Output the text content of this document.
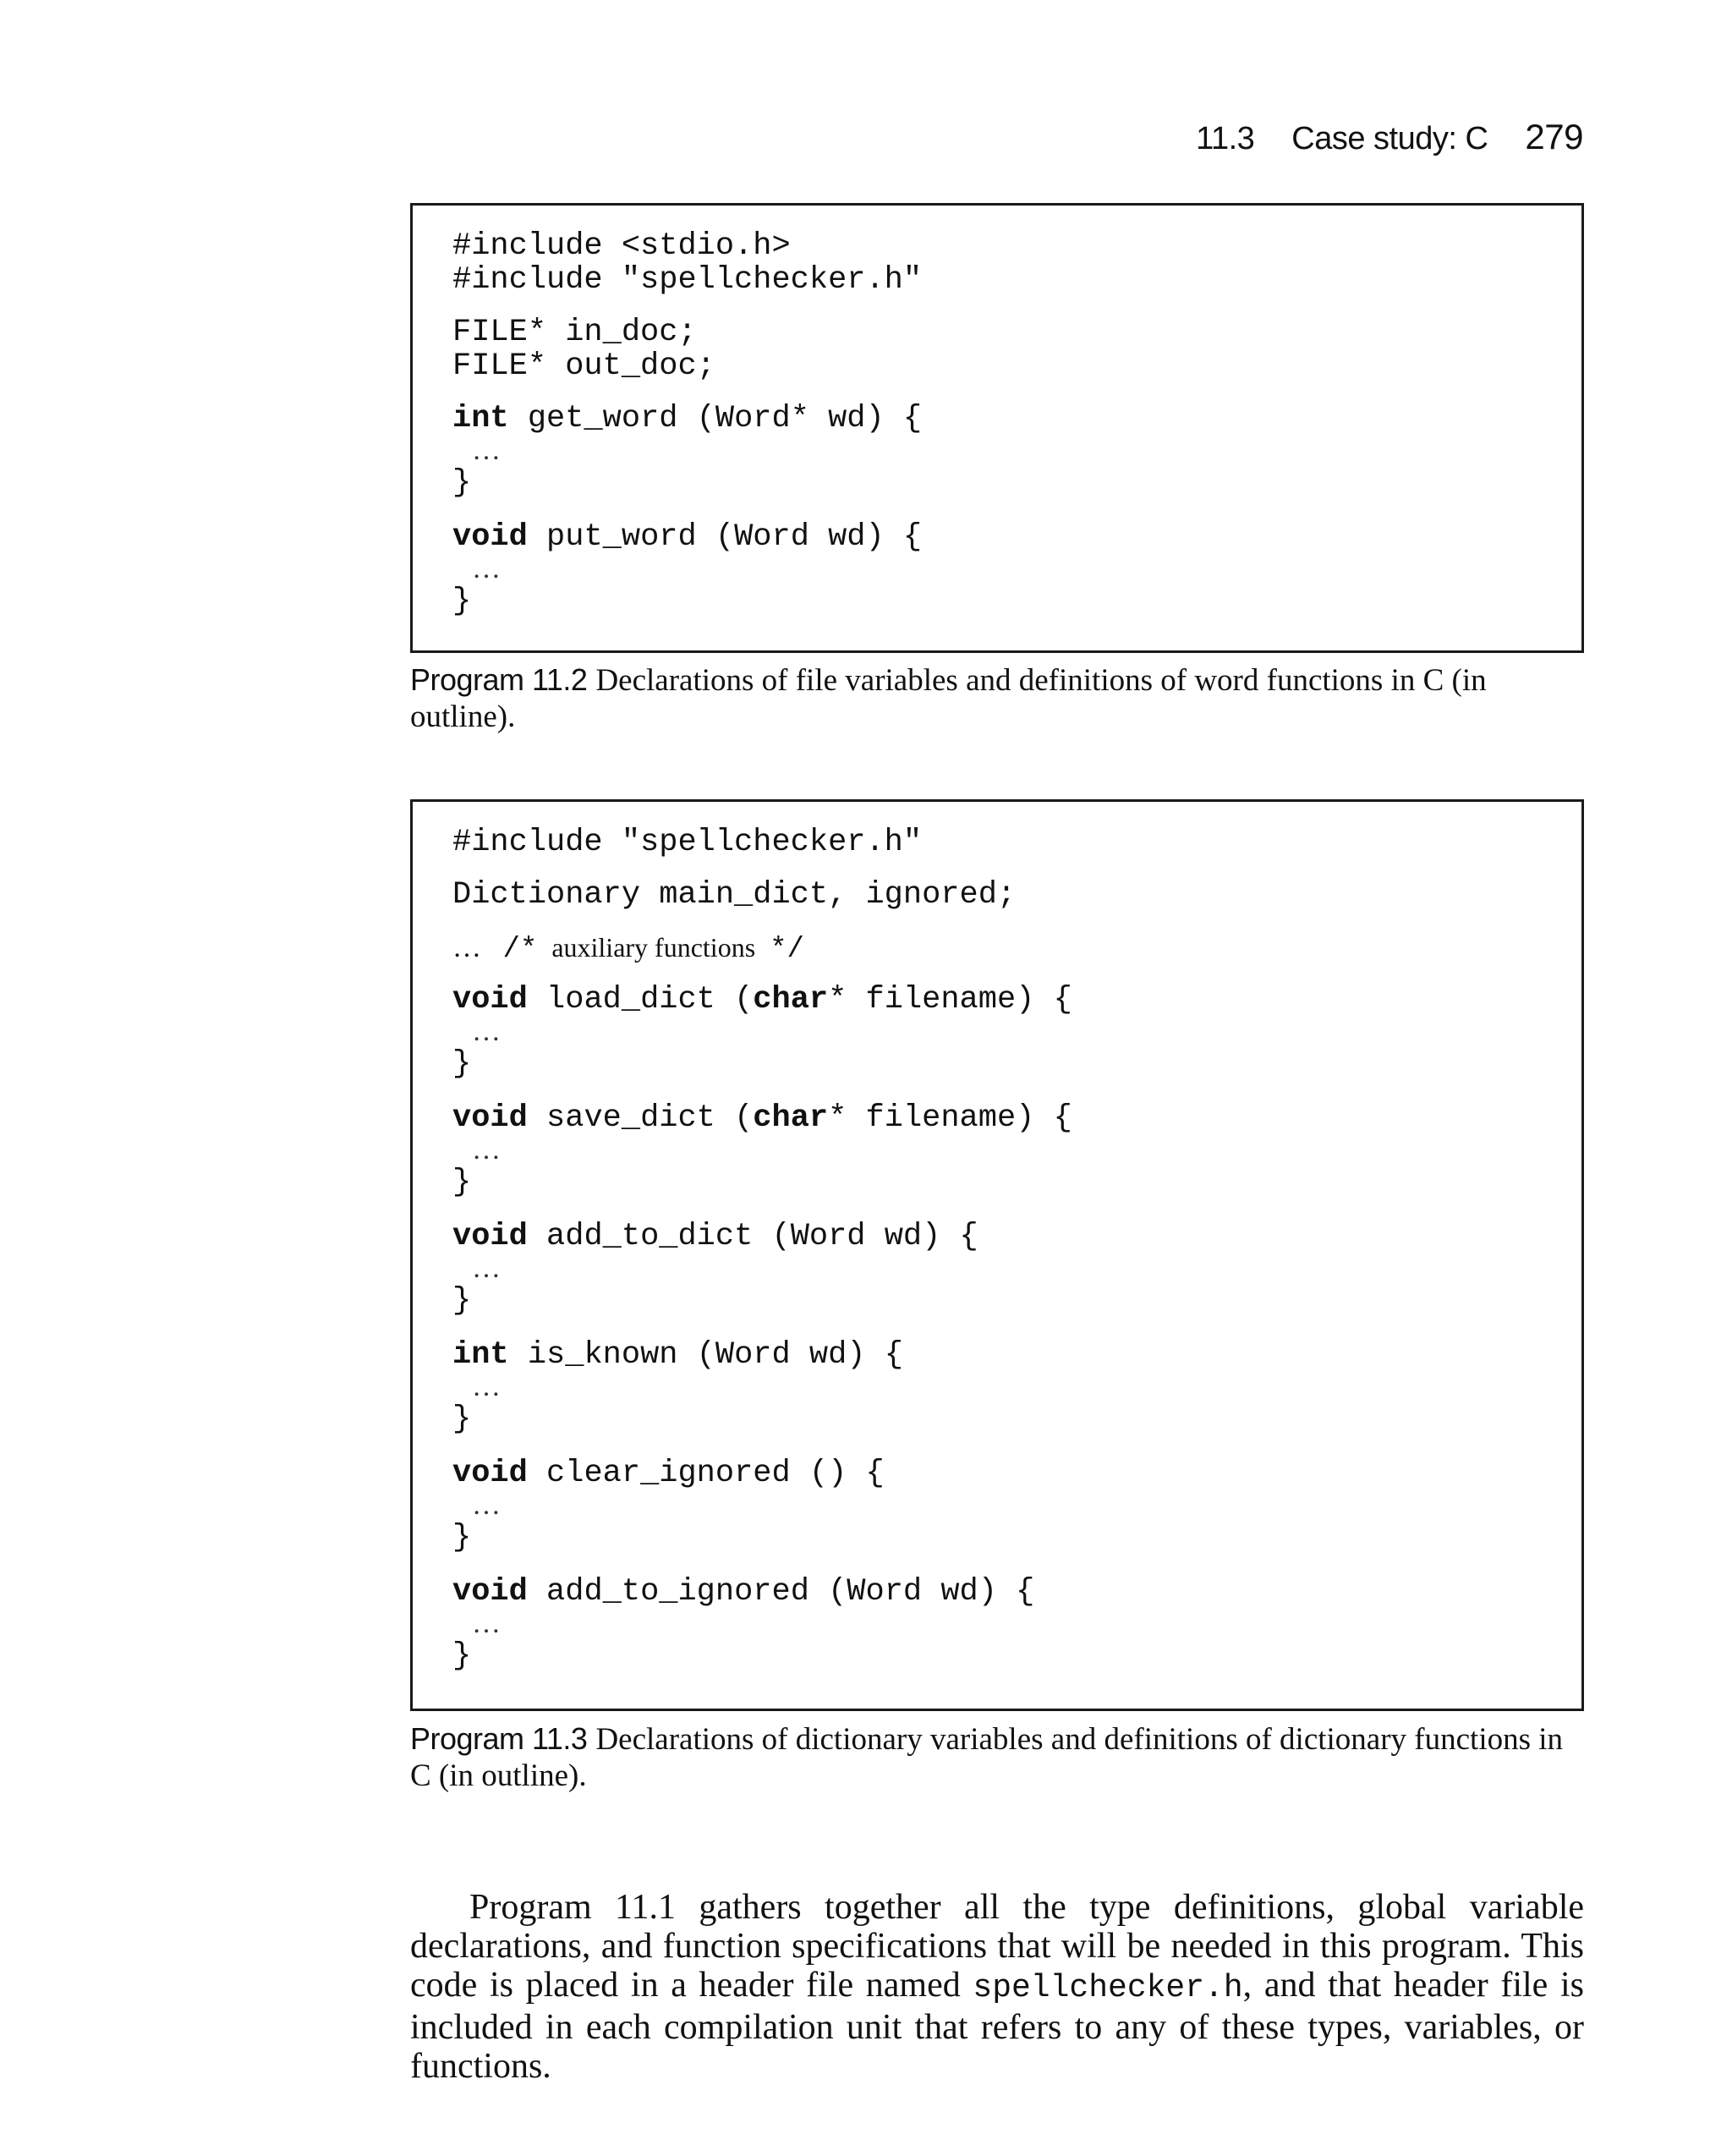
11.3 Case study: C 279
#include <stdio.h>
#include "spellchecker.h"
FILE* in_doc;
FILE* out_doc;
int get_word (Word* wd) {
…
}
void put_word (Word wd) {
…
}
Program 11.2 Declarations of file variables and definitions of word functions in C (in outline).
#include "spellchecker.h"
Dictionary main_dict, ignored;
… /* auxiliary functions */
void load_dict (char* filename) {
…
}
void save_dict (char* filename) {
…
}
void add_to_dict (Word wd) {
…
}
int is_known (Word wd) {
…
}
void clear_ignored () {
…
}
void add_to_ignored (Word wd) {
…
}
Program 11.3 Declarations of dictionary variables and definitions of dictionary functions in C (in outline).

Program 11.1 gathers together all the type definitions, global variable declarations, and function specifications that will be needed in this program. This code is placed in a header file named spellchecker.h, and that header file is included in each compilation unit that refers to any of these types, variables, or functions.
